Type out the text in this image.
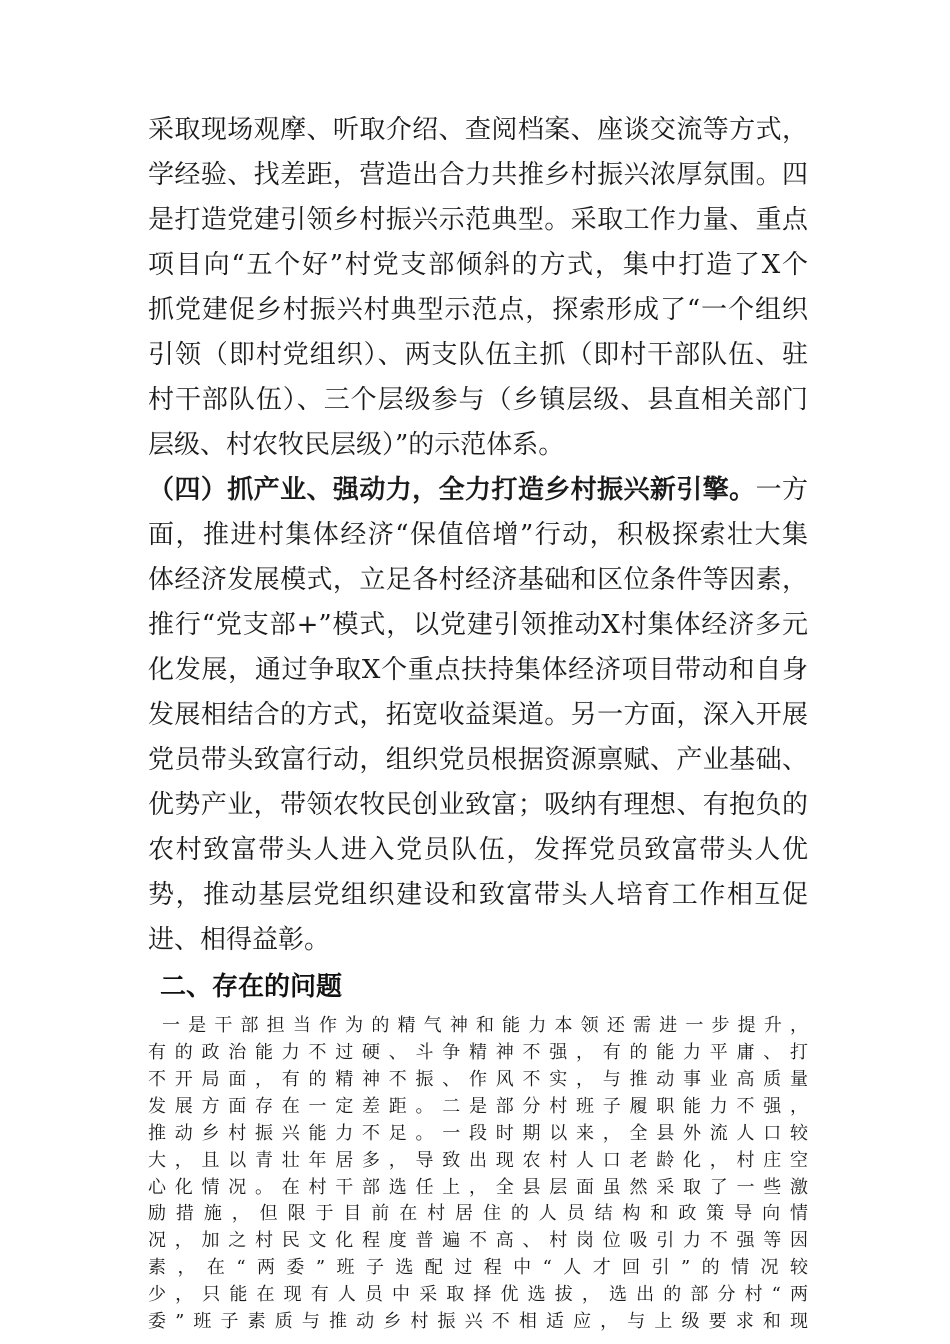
采取现场观摩、听取介绍、查阅档案、座谈交流等方式，
学经验、找差距，营造出合力共推乡村振兴浓厚氛围。四
是打造党建引领乡村振兴示范典型。采取工作力量、重点
项目向“五个好”村党支部倾斜的方式，集中打造了X个
抓党建促乡村振兴村典型示范点，探索形成了“一个组织
引领（即村党组织）、两支队伍主抓（即村干部队伍、驻
村干部队伍）、三个层级参与（乡镇层级、县直相关部门
层级、村农牧民层级）”的示范体系。
（四）抓产业、强动力，全力打造乡村振兴新引擎。一方
面，推进村集体经济“保值倍增”行动，积极探索壮大集
体经济发展模式，立足各村经济基础和区位条件等因素，
推行“党支部+”模式，以党建引领推动X村集体经济多元
化发展，通过争取X个重点扶持集体经济项目带动和自身
发展相结合的方式，拓宽收益渠道。另一方面，深入开展
党员带头致富行动，组织党员根据资源禀赋、产业基础、
优势产业，带领农牧民创业致富；吸纳有理想、有抱负的
农村致富带头人进入党员队伍，发挥党员致富带头人优
势，推动基层党组织建设和致富带头人培育工作相互促
进、相得益彰。
二、存在的问题
一是干部担当作为的精气神和能力本领还需进一步提升，
有的政治能力不过硬、斗争精神不强，有的能力平庸、打
不开局面，有的精神不振、作风不实，与推动事业高质量
发展方面存在一定差距。二是部分村班子履职能力不强，
推动乡村振兴能力不足。一段时期以来，全县外流人口较
大，且以青壮年居多，导致出现农村人口老龄化，村庄空
心化情况。在村干部选任上，全县层面虽然采取了一些激
励措施，但限于目前在村居住的人员结构和政策导向情
况，加之村民文化程度普遍不高、村岗位吸引力不强等因
素，在“两委”班子选配过程中“人才回引”的情况较
少，只能在现有人员中采取择优选拔，选出的部分村“两
委”班子素质与推动乡村振兴不相适应，与上级要求和现
